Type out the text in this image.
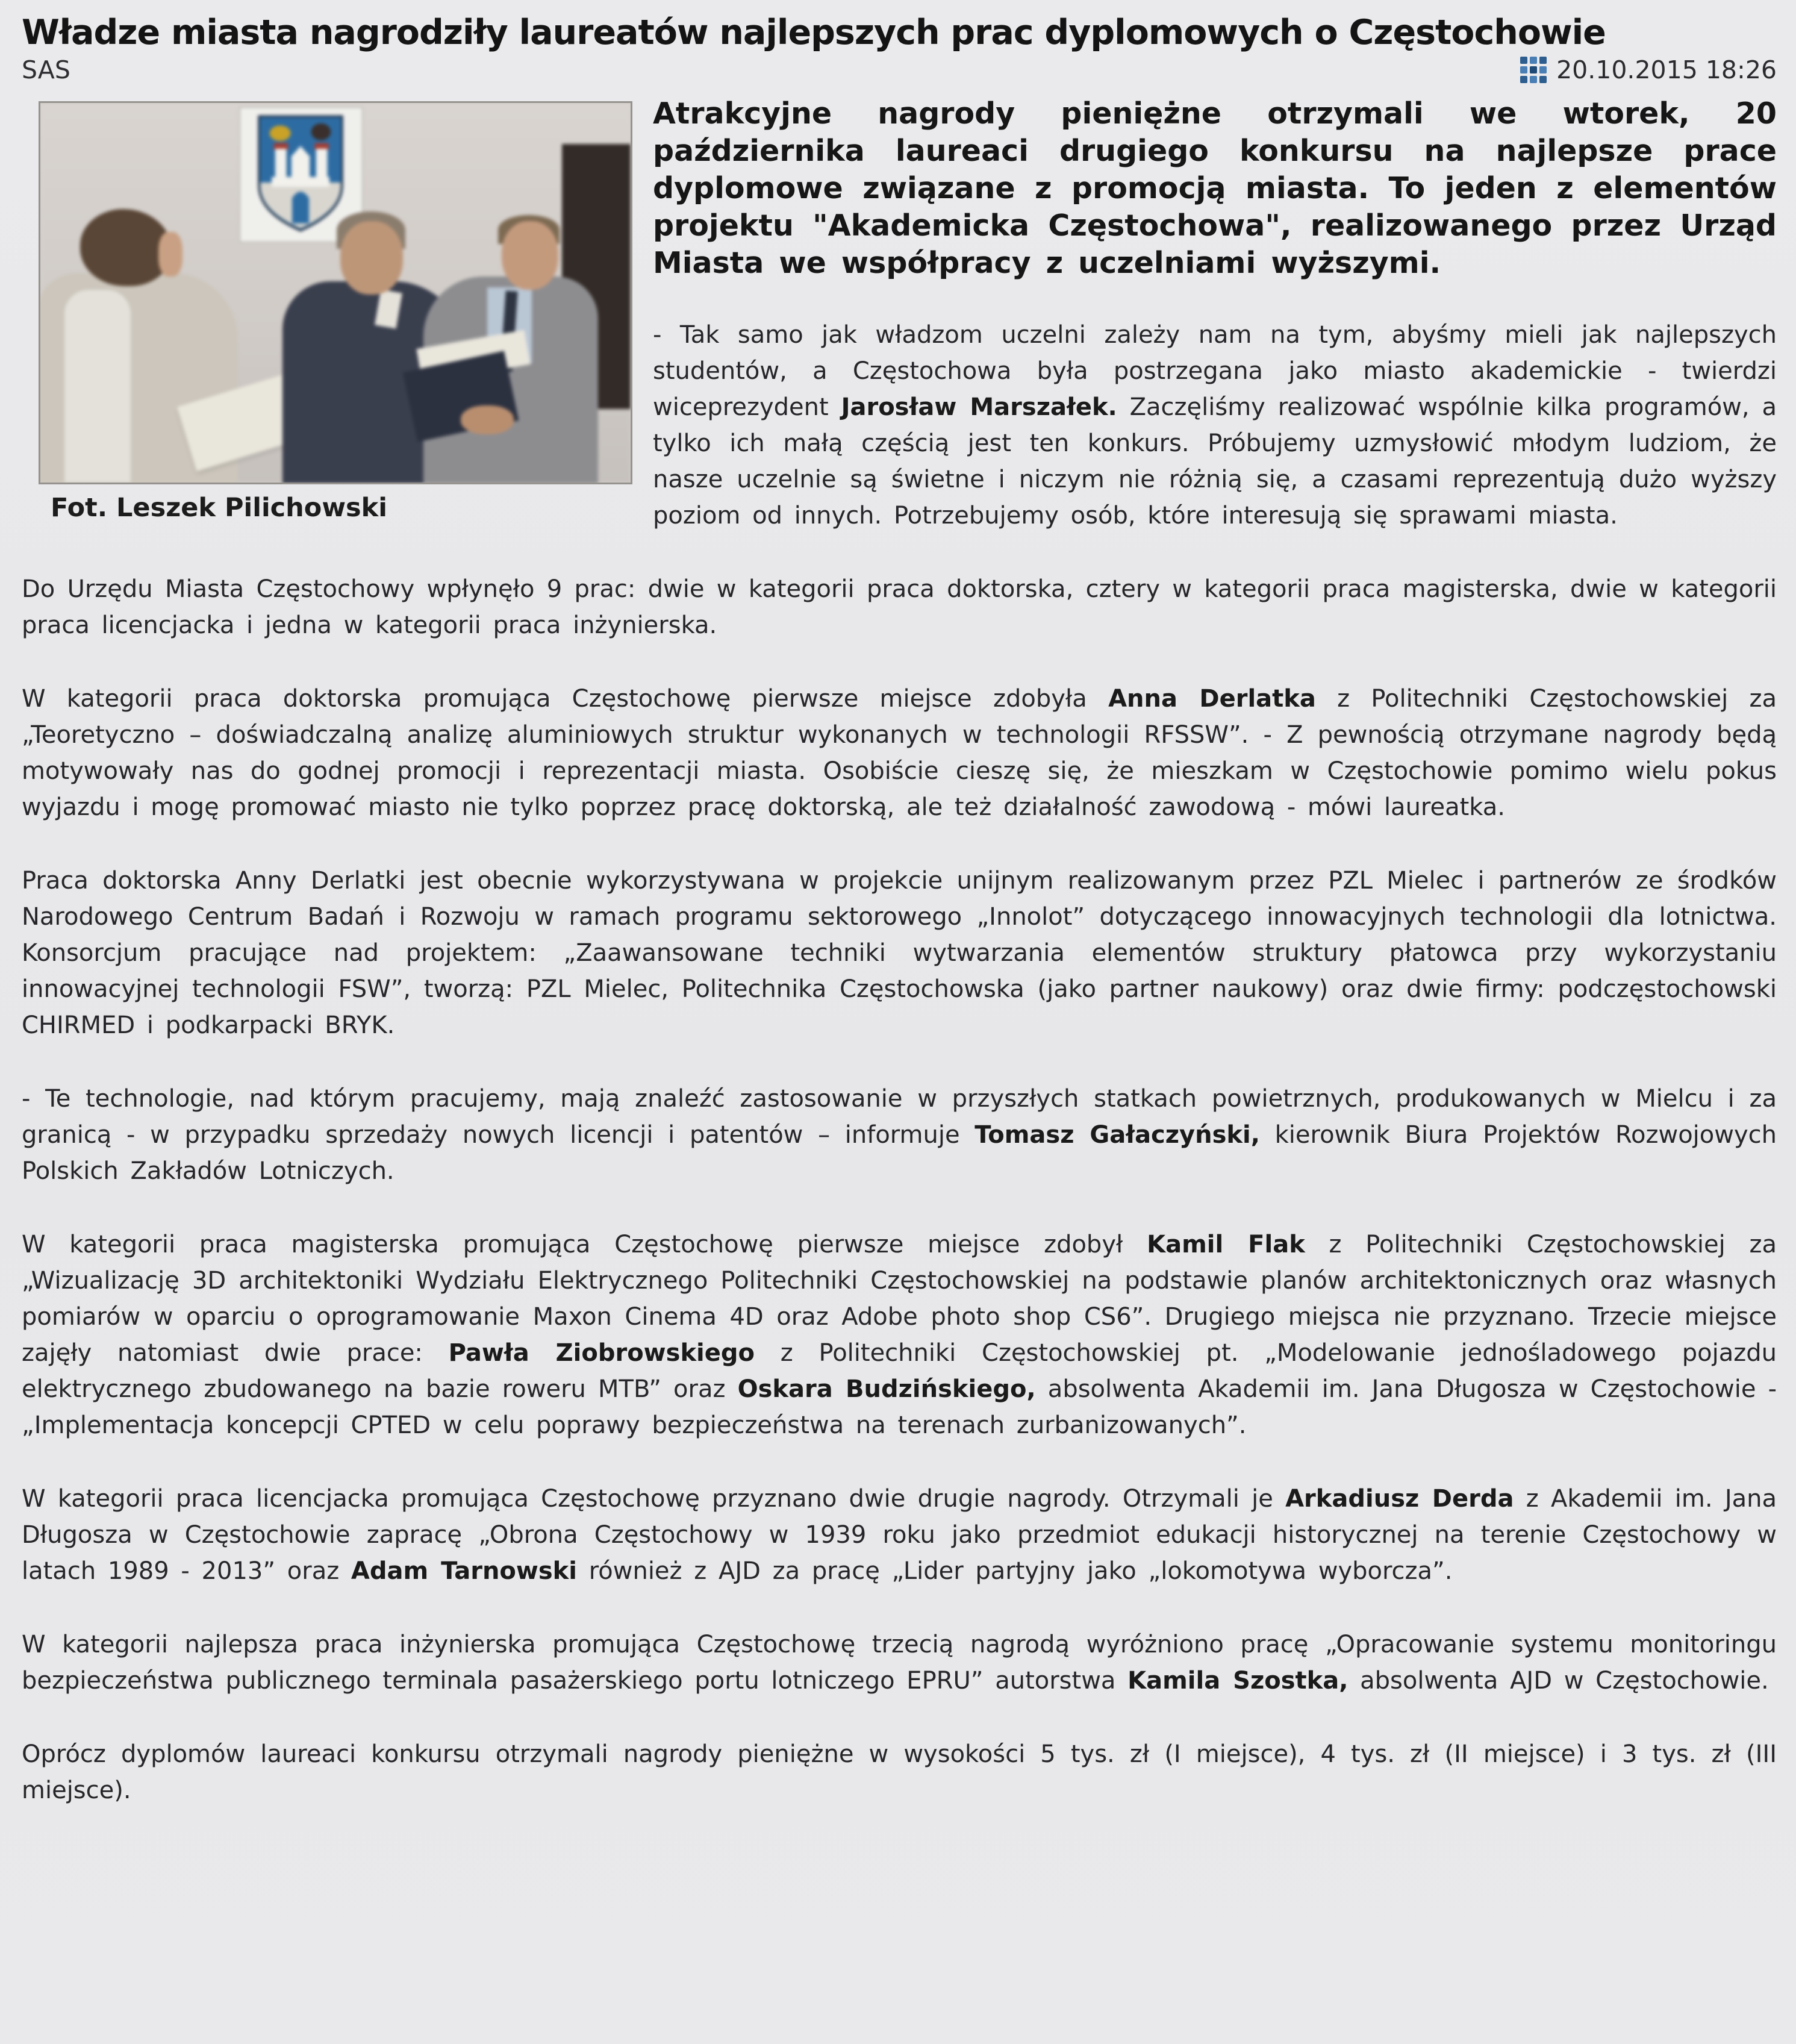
Władze miasta nagrodziły laureatów najlepszych prac dyplomowych o Częstochowie
SAS	20.10.2015 18:26
Fot. Leszek Pilichowski

Atrakcyjne nagrody pieniężne otrzymali we wtorek, 20 października laureaci drugiego konkursu na najlepsze prace dyplomowe związane z promocją miasta. To jeden z elementów projektu "Akademicka Częstochowa", realizowanego przez Urząd Miasta we współpracy z uczelniami wyższymi.

- Tak samo jak władzom uczelni zależy nam na tym, abyśmy mieli jak najlepszych studentów, a Częstochowa była postrzegana jako miasto akademickie - twierdzi wiceprezydent Jarosław Marszałek. Zaczęliśmy realizować wspólnie kilka programów, a tylko ich małą częścią jest ten konkurs. Próbujemy uzmysłowić młodym ludziom, że nasze uczelnie są świetne i niczym nie różnią się, a czasami reprezentują dużo wyższy poziom od innych. Potrzebujemy osób, które interesują się sprawami miasta.

Do Urzędu Miasta Częstochowy wpłynęło 9 prac: dwie w kategorii praca doktorska, cztery w kategorii praca magisterska, dwie w kategorii praca licencjacka i jedna w kategorii praca inżynierska.

W kategorii praca doktorska promująca Częstochowę pierwsze miejsce zdobyła Anna Derlatka z Politechniki Częstochowskiej za „Teoretyczno – doświadczalną analizę aluminiowych struktur wykonanych w technologii RFSSW”. - Z pewnością otrzymane nagrody będą motywowały nas do godnej promocji i reprezentacji miasta. Osobiście cieszę się, że mieszkam w Częstochowie pomimo wielu pokus wyjazdu i mogę promować miasto nie tylko poprzez pracę doktorską, ale też działalność zawodową - mówi laureatka.

Praca doktorska Anny Derlatki jest obecnie wykorzystywana w projekcie unijnym realizowanym przez PZL Mielec i partnerów ze środków Narodowego Centrum Badań i Rozwoju w ramach programu sektorowego „Innolot” dotyczącego innowacyjnych technologii dla lotnictwa. Konsorcjum pracujące nad projektem: „Zaawansowane techniki wytwarzania elementów struktury płatowca przy wykorzystaniu innowacyjnej technologii FSW”, tworzą: PZL Mielec, Politechnika Częstochowska (jako partner naukowy) oraz dwie firmy: podczęstochowski CHIRMED i podkarpacki BRYK.

- Te technologie, nad którym pracujemy, mają znaleźć zastosowanie w przyszłych statkach powietrznych, produkowanych w Mielcu i za granicą - w przypadku sprzedaży nowych licencji i patentów – informuje Tomasz Gałaczyński, kierownik Biura Projektów Rozwojowych Polskich Zakładów Lotniczych.

W kategorii praca magisterska promująca Częstochowę pierwsze miejsce zdobył Kamil Flak z Politechniki Częstochowskiej za „Wizualizację 3D architektoniki Wydziału Elektrycznego Politechniki Częstochowskiej na podstawie planów architektonicznych oraz własnych pomiarów w oparciu o oprogramowanie Maxon Cinema 4D oraz Adobe photo shop CS6”. Drugiego miejsca nie przyznano. Trzecie miejsce zajęły natomiast dwie prace: Pawła Ziobrowskiego z Politechniki Częstochowskiej pt. „Modelowanie jednośladowego pojazdu elektrycznego zbudowanego na bazie roweru MTB” oraz Oskara Budzińskiego, absolwenta Akademii im. Jana Długosza w Częstochowie - „Implementacja koncepcji CPTED w celu poprawy bezpieczeństwa na terenach zurbanizowanych”.

W kategorii praca licencjacka promująca Częstochowę przyznano dwie drugie nagrody. Otrzymali je Arkadiusz Derda z Akademii im. Jana Długosza w Częstochowie zapracę „Obrona Częstochowy w 1939 roku jako przedmiot edukacji historycznej na terenie Częstochowy w latach 1989 - 2013” oraz Adam Tarnowski również z AJD za pracę „Lider partyjny jako „lokomotywa wyborcza”.

W kategorii najlepsza praca inżynierska promująca Częstochowę trzecią nagrodą wyróżniono pracę „Opracowanie systemu monitoringu bezpieczeństwa publicznego terminala pasażerskiego portu lotniczego EPRU” autorstwa Kamila Szostka, absolwenta AJD w Częstochowie.

Oprócz dyplomów laureaci konkursu otrzymali nagrody pieniężne w wysokości 5 tys. zł (I miejsce), 4 tys. zł (II miejsce) i 3 tys. zł (III miejsce).
